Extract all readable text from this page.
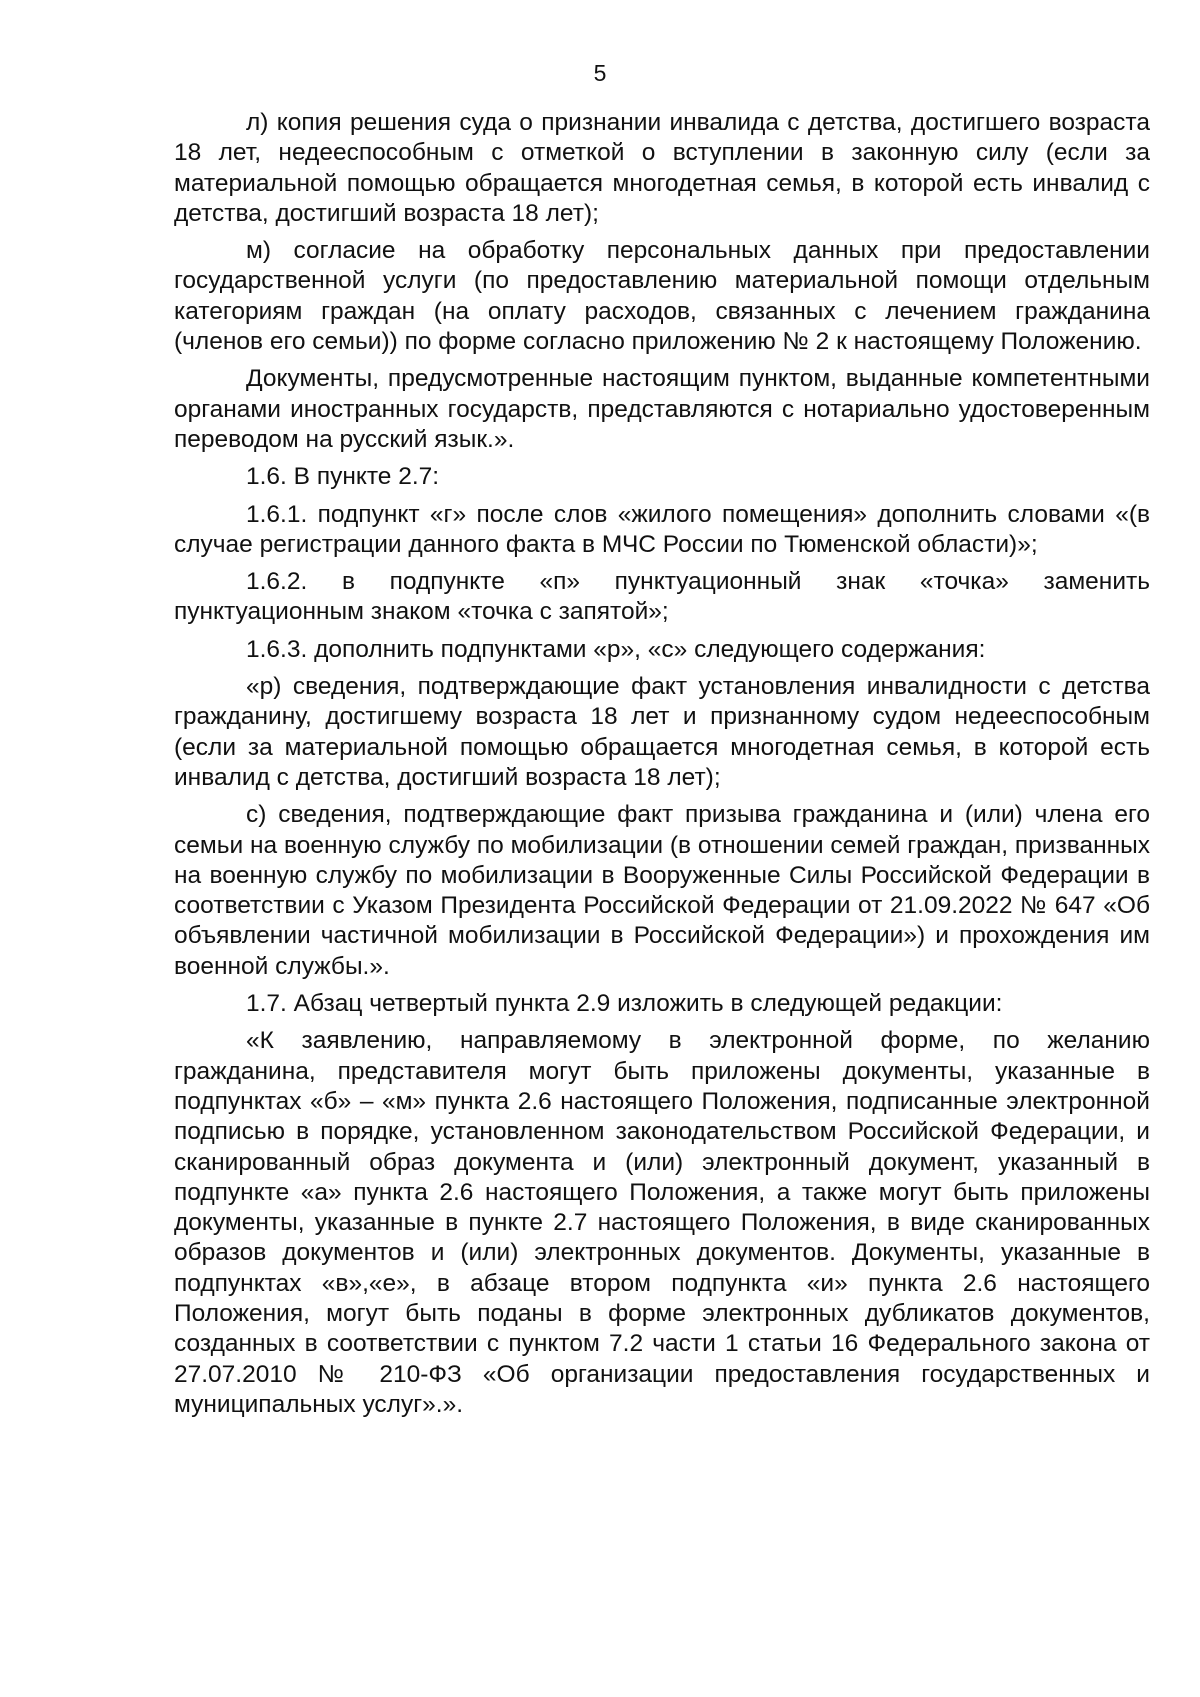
5

л) копия решения суда о признании инвалида с детства, достигшего возраста 18 лет, недееспособным с отметкой о вступлении в законную силу (если за материальной помощью обращается многодетная семья, в которой есть инвалид с детства, достигший возраста 18 лет);

м) согласие на обработку персональных данных при предоставлении государственной услуги (по предоставлению материальной помощи отдельным категориям граждан (на оплату расходов, связанных с лечением гражданина (членов его семьи)) по форме согласно приложению № 2 к настоящему Положению.

Документы, предусмотренные настоящим пунктом, выданные компетентными органами иностранных государств, представляются с нотариально удостоверенным переводом на русский язык.».

1.6. В пункте 2.7:

1.6.1. подпункт «г» после слов «жилого помещения» дополнить словами «(в случае регистрации данного факта в МЧС России по Тюменской области)»;

1.6.2. в подпункте «п» пунктуационный знак «точка» заменить пунктуационным знаком «точка с запятой»;

1.6.3. дополнить подпунктами «р», «с» следующего содержания:

«р) сведения, подтверждающие факт установления инвалидности с детства гражданину, достигшему возраста 18 лет и признанному судом недееспособным (если за материальной помощью обращается многодетная семья, в которой есть инвалид с детства, достигший возраста 18 лет);

с) сведения, подтверждающие факт призыва гражданина и (или) члена его семьи на военную службу по мобилизации (в отношении семей граждан, призванных на военную службу по мобилизации в Вооруженные Силы Российской Федерации в соответствии с Указом Президента Российской Федерации от 21.09.2022 № 647 «Об объявлении частичной мобилизации в Российской Федерации») и прохождения им военной службы.».

1.7. Абзац четвертый пункта 2.9 изложить в следующей редакции:

«К заявлению, направляемому в электронной форме, по желанию гражданина, представителя могут быть приложены документы, указанные в подпунктах «б» – «м» пункта 2.6 настоящего Положения, подписанные электронной подписью в порядке, установленном законодательством Российской Федерации, и сканированный образ документа и (или) электронный документ, указанный в подпункте «а» пункта 2.6 настоящего Положения, а также могут быть приложены документы, указанные в пункте 2.7 настоящего Положения, в виде сканированных образов документов и (или) электронных документов. Документы, указанные в подпунктах «в»,«е», в абзаце втором подпункта «и» пункта 2.6 настоящего Положения, могут быть поданы в форме электронных дубликатов документов, созданных в соответствии с пунктом 7.2 части 1 статьи 16 Федерального закона от 27.07.2010 № 210-ФЗ «Об организации предоставления государственных и муниципальных услуг».».
